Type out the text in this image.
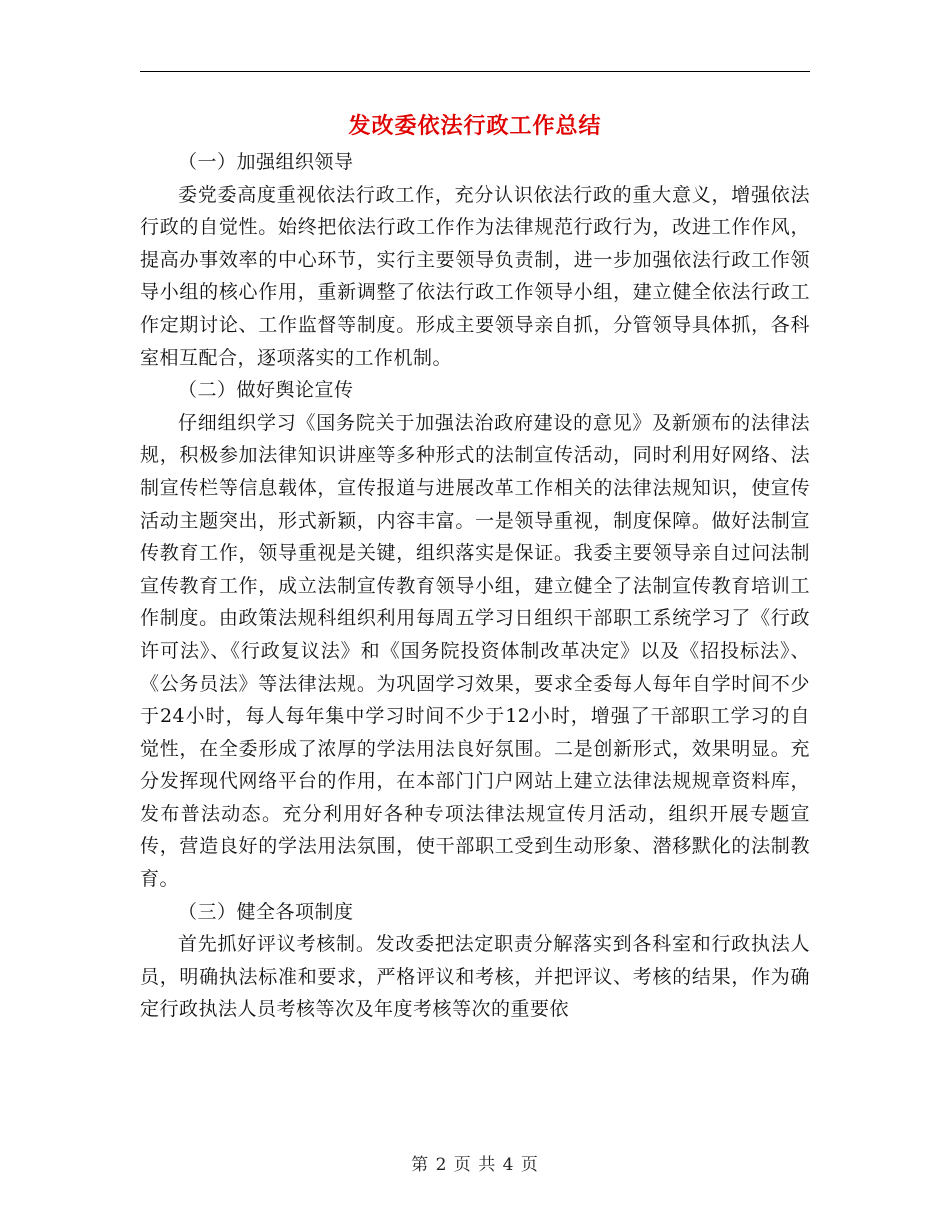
发改委依法行政工作总结

（一）加强组织领导

委党委高度重视依法行政工作，充分认识依法行政的重大意义，增强依法行政的自觉性。始终把依法行政工作作为法律规范行政行为，改进工作作风，提高办事效率的中心环节，实行主要领导负责制，进一步加强依法行政工作领导小组的核心作用，重新调整了依法行政工作领导小组，建立健全依法行政工作定期讨论、工作监督等制度。形成主要领导亲自抓，分管领导具体抓，各科室相互配合，逐项落实的工作机制。

（二）做好舆论宣传

仔细组织学习《国务院关于加强法治政府建设的意见》及新颁布的法律法规，积极参加法律知识讲座等多种形式的法制宣传活动，同时利用好网络、法制宣传栏等信息载体，宣传报道与进展改革工作相关的法律法规知识，使宣传活动主题突出，形式新颖，内容丰富。一是领导重视，制度保障。做好法制宣传教育工作，领导重视是关键，组织落实是保证。我委主要领导亲自过问法制宣传教育工作，成立法制宣传教育领导小组，建立健全了法制宣传教育培训工作制度。由政策法规科组织利用每周五学习日组织干部职工系统学习了《行政许可法》、《行政复议法》和《国务院投资体制改革决定》以及《招投标法》、《公务员法》等法律法规。为巩固学习效果，要求全委每人每年自学时间不少于24小时，每人每年集中学习时间不少于12小时，增强了干部职工学习的自觉性，在全委形成了浓厚的学法用法良好氛围。二是创新形式，效果明显。充分发挥现代网络平台的作用，在本部门门户网站上建立法律法规规章资料库，发布普法动态。充分利用好各种专项法律法规宣传月活动，组织开展专题宣传，营造良好的学法用法氛围，使干部职工受到生动形象、潜移默化的法制教育。

（三）健全各项制度

首先抓好评议考核制。发改委把法定职责分解落实到各科室和行政执法人员，明确执法标准和要求，严格评议和考核，并把评议、考核的结果，作为确定行政执法人员考核等次及年度考核等次的重要依

第 2 页 共 4 页
